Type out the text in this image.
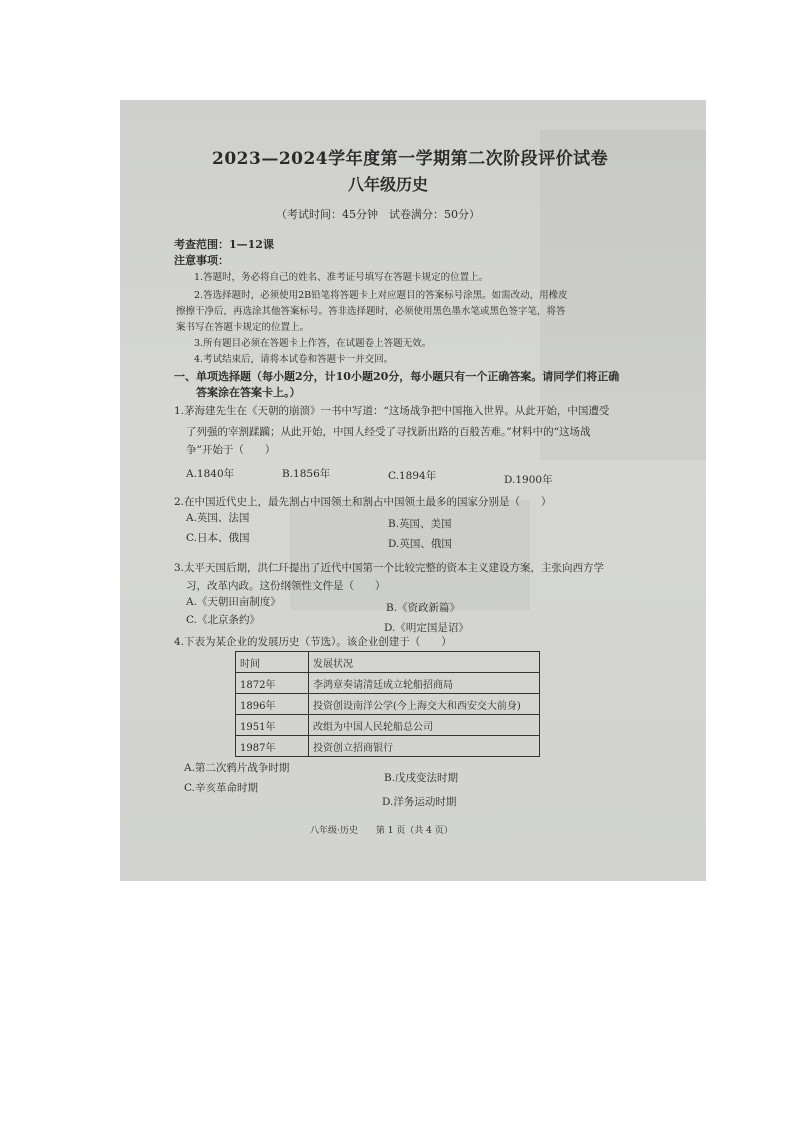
2023—2024学年度第一学期第二次阶段评价试卷
八年级历史
（考试时间：45分钟　试卷满分：50分）
考查范围：1—12课
注意事项：
1.答题时，务必将自己的姓名、准考证号填写在答题卡规定的位置上。
2.答选择题时，必须使用2B铅笔将答题卡上对应题目的答案标号涂黑。如需改动，用橡皮
擦擦干净后，再选涂其他答案标号。答非选择题时，必须使用黑色墨水笔或黑色签字笔，将答
案书写在答题卡规定的位置上。
3.所有题目必须在答题卡上作答，在试题卷上答题无效。
4.考试结束后，请将本试卷和答题卡一并交回。
一、单项选择题（每小题2分，计10小题20分，每小题只有一个正确答案。请同学们将正确
答案涂在答案卡上。）
1.茅海建先生在《天朝的崩溃》一书中写道：“这场战争把中国拖入世界。从此开始，中国遭受
了列强的宰割蹂躏；从此开始，中国人经受了寻找新出路的百般苦难。”材料中的“这场战
争”开始于（　　）
A.1840年	B.1856年	C.1894年	D.1900年
2.在中国近代史上，最先割占中国领土和割占中国领土最多的国家分别是（　　）
A.英国、法国	B.英国、美国
C.日本、俄国	D.英国、俄国
3.太平天国后期，洪仁玕提出了近代中国第一个比较完整的资本主义建设方案，主张向西方学
习，改革内政。这份纲领性文件是（　　）
A.《天朝田亩制度》	B.《资政新篇》
C.《北京条约》
D.《明定国是诏》
4.下表为某企业的发展历史（节选）。该企业创建于（　　）
时间	发展状况
1872年	李鸿章奏请清廷成立轮船招商局
1896年	投资创设南洋公学(今上海交大和西安交大前身)
1951年	改组为中国人民轮船总公司
1987年	投资创立招商银行
A.第二次鸦片战争时期
B.戊戌变法时期
C.辛亥革命时期
D.洋务运动时期
八年级·历史　　第 1 页（共 4 页）
